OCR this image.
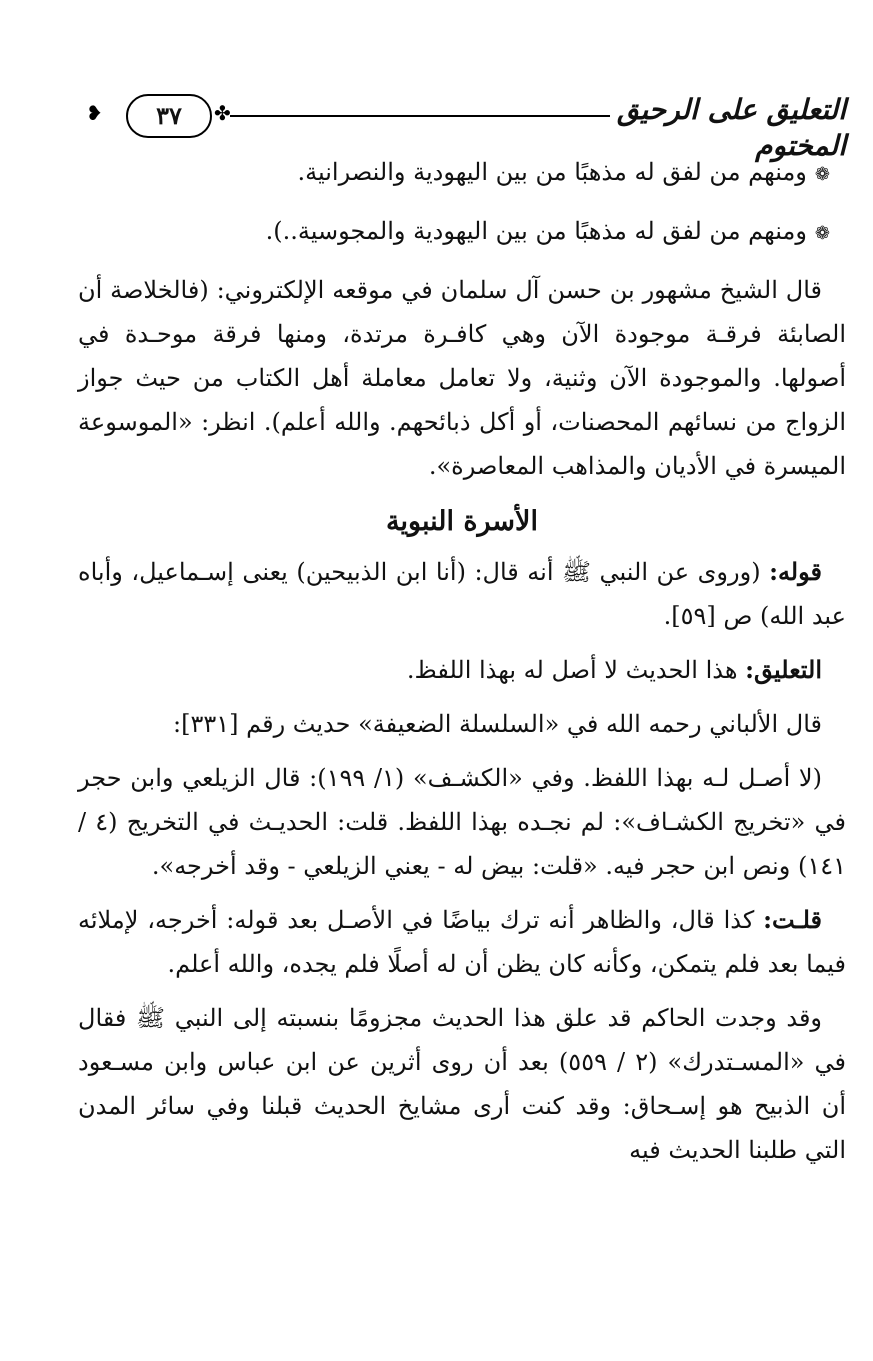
❥ ٣٧ ✤	التعليق على الرحيق المختوم

❁ومنهم من لفق له مذهبًا من بين اليهودية والنصرانية.

❁ومنهم من لفق له مذهبًا من بين اليهودية والمجوسية..).

قال الشيخ مشهور بن حسن آل سلمان في موقعه الإلكتروني: (فالخلاصة أن الصابئة فرقـة موجودة الآن وهي كافـرة مرتدة، ومنها فرقة موحـدة في أصولها. والموجودة الآن وثنية، ولا تعامل معاملة أهل الكتاب من حيث جواز الزواج من نسائهم المحصنات، أو أكل ذبائحهم. والله أعلم). انظر: «الموسوعة الميسرة في الأديان والمذاهب المعاصرة».

الأسرة النبوية

قوله: (وروى عن النبي ﷺ أنه قال: (أنا ابن الذبيحين) يعنى إسـماعيل، وأباه عبد الله) ص [٥٩].

التعليق: هذا الحديث لا أصل له بهذا اللفظ.

قال الألباني رحمه الله في «السلسلة الضعيفة» حديث رقم [٣٣١]:

(لا أصـل لـه بهذا اللفظ. وفي «الكشـف» (١/ ١٩٩): قال الزيلعي وابن حجر في «تخريج الكشـاف»: لم نجـده بهذا اللفظ. قلت: الحديـث في التخريج (٤ / ١٤١) ونص ابن حجر فيه. «قلت: بيض له - يعني الزيلعي - وقد أخرجه».

قلـت: كذا قال، والظاهر أنه ترك بياضًا في الأصـل بعد قوله: أخرجه، لإملائه فيما بعد فلم يتمكن، وكأنه كان يظن أن له أصلًا فلم يجده، والله أعلم.

وقد وجدت الحاكم قد علق هذا الحديث مجزومًا بنسبته إلى النبي ﷺ فقال في «المسـتدرك» (٢ / ٥٥٩) بعد أن روى أثرين عن ابن عباس وابن مسـعود أن الذبيح هو إسـحاق: وقد كنت أرى مشايخ الحديث قبلنا وفي سائر المدن التي طلبنا الحديث فيه
